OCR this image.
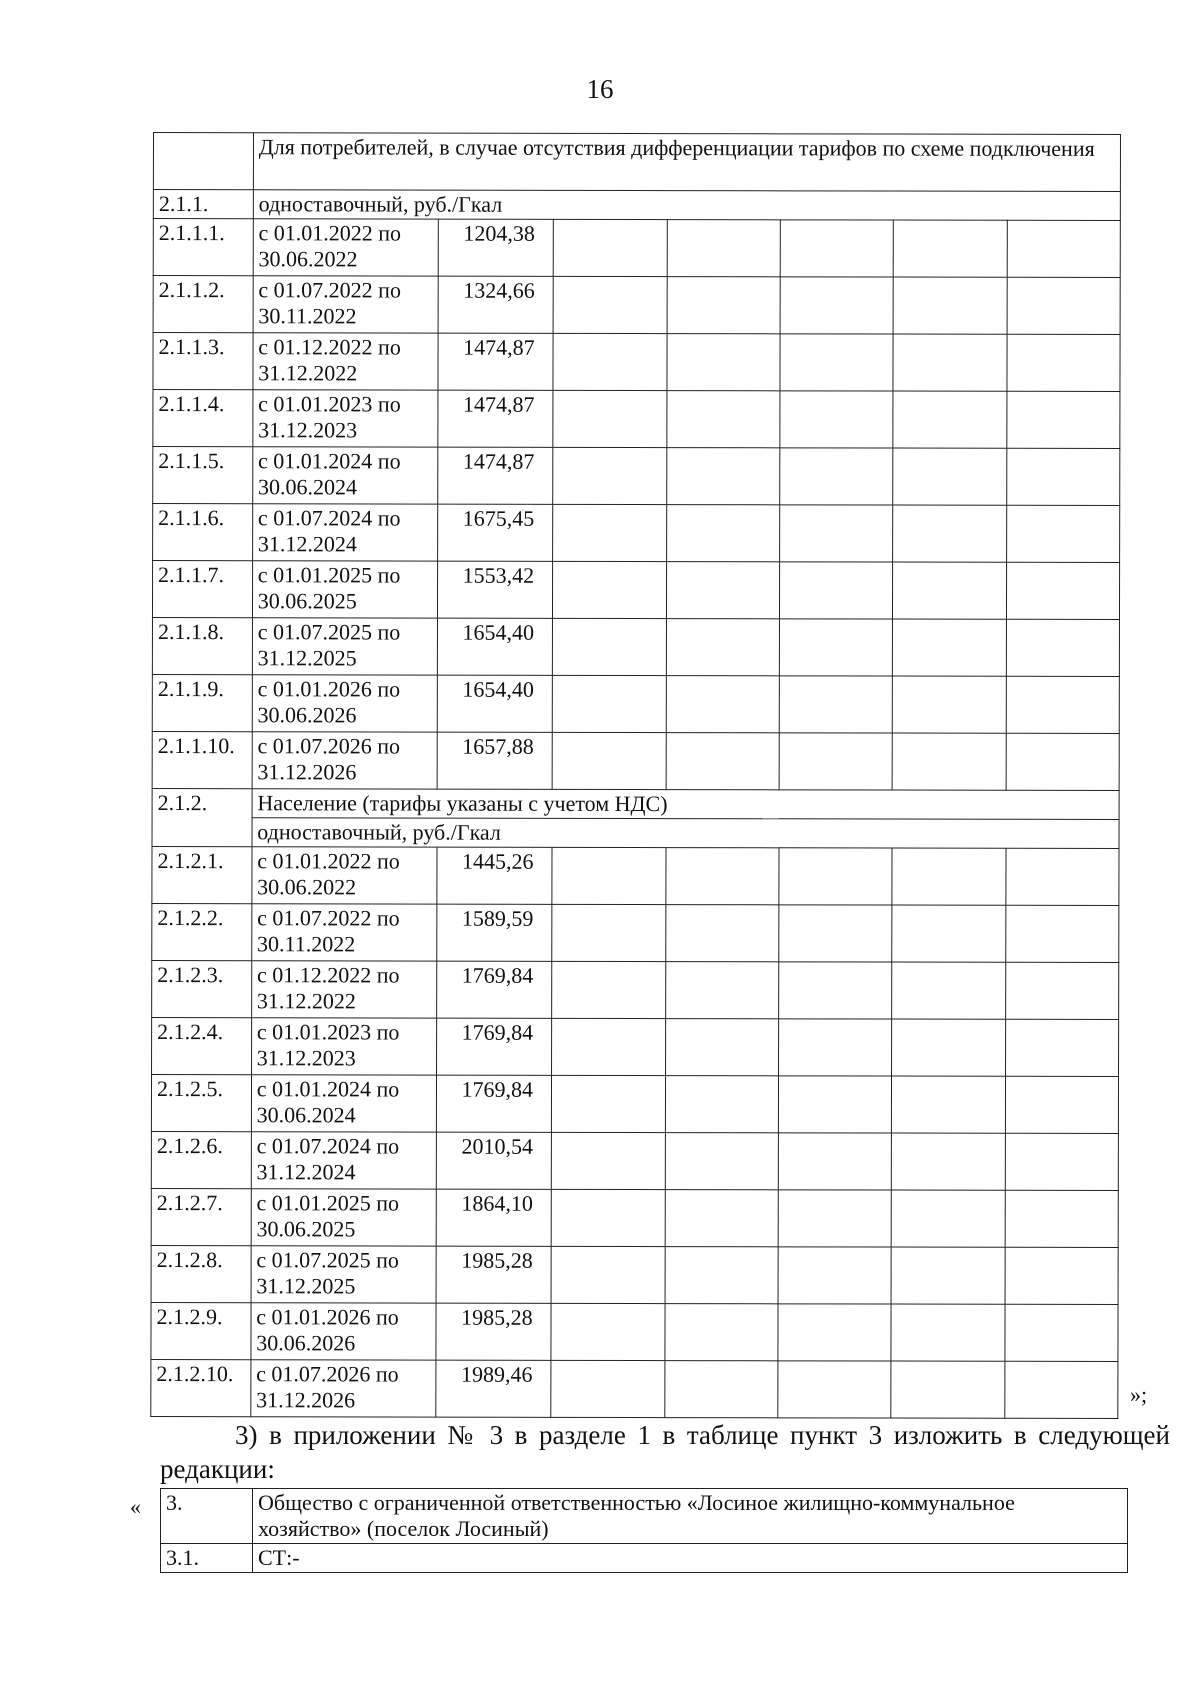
16
	Для потребителей, в случае отсутствия дифференциации тарифов по схеме подключения						
2.1.1.	одноставочный, руб./Гкал						
2.1.1.1.	с 01.01.2022 по 30.06.2022	1204,38					
2.1.1.2.	с 01.07.2022 по 30.11.2022	1324,66					
2.1.1.3.	с 01.12.2022 по 31.12.2022	1474,87					
2.1.1.4.	с 01.01.2023 по 31.12.2023	1474,87					
2.1.1.5.	с 01.01.2024 по 30.06.2024	1474,87					
2.1.1.6.	с 01.07.2024 по 31.12.2024	1675,45					
2.1.1.7.	с 01.01.2025 по 30.06.2025	1553,42					
2.1.1.8.	с 01.07.2025 по 31.12.2025	1654,40					
2.1.1.9.	с 01.01.2026 по 30.06.2026	1654,40					
2.1.1.10.	с 01.07.2026 по 31.12.2026	1657,88					
2.1.2.	Население (тарифы указаны с учетом НДС)						
	одноставочный, руб./Гкал						
2.1.2.1.	с 01.01.2022 по 30.06.2022	1445,26					
2.1.2.2.	с 01.07.2022 по 30.11.2022	1589,59					
2.1.2.3.	с 01.12.2022 по 31.12.2022	1769,84					
2.1.2.4.	с 01.01.2023 по 31.12.2023	1769,84					
2.1.2.5.	с 01.01.2024 по 30.06.2024	1769,84					
2.1.2.6.	с 01.07.2024 по 31.12.2024	2010,54					
2.1.2.7.	с 01.01.2025 по 30.06.2025	1864,10					
2.1.2.8.	с 01.07.2025 по 31.12.2025	1985,28					
2.1.2.9.	с 01.01.2026 по 30.06.2026	1985,28					
2.1.2.10.	с 01.07.2026 по 31.12.2026	1989,46					
»;
3) в приложении № 3 в разделе 1 в таблице пункт 3 изложить в следующей
редакции:
« 3.	Общество с ограниченной ответственностью «Лосиное жилищно-коммунальное хозяйство» (поселок Лосиный)
3.1.	СТ:-
